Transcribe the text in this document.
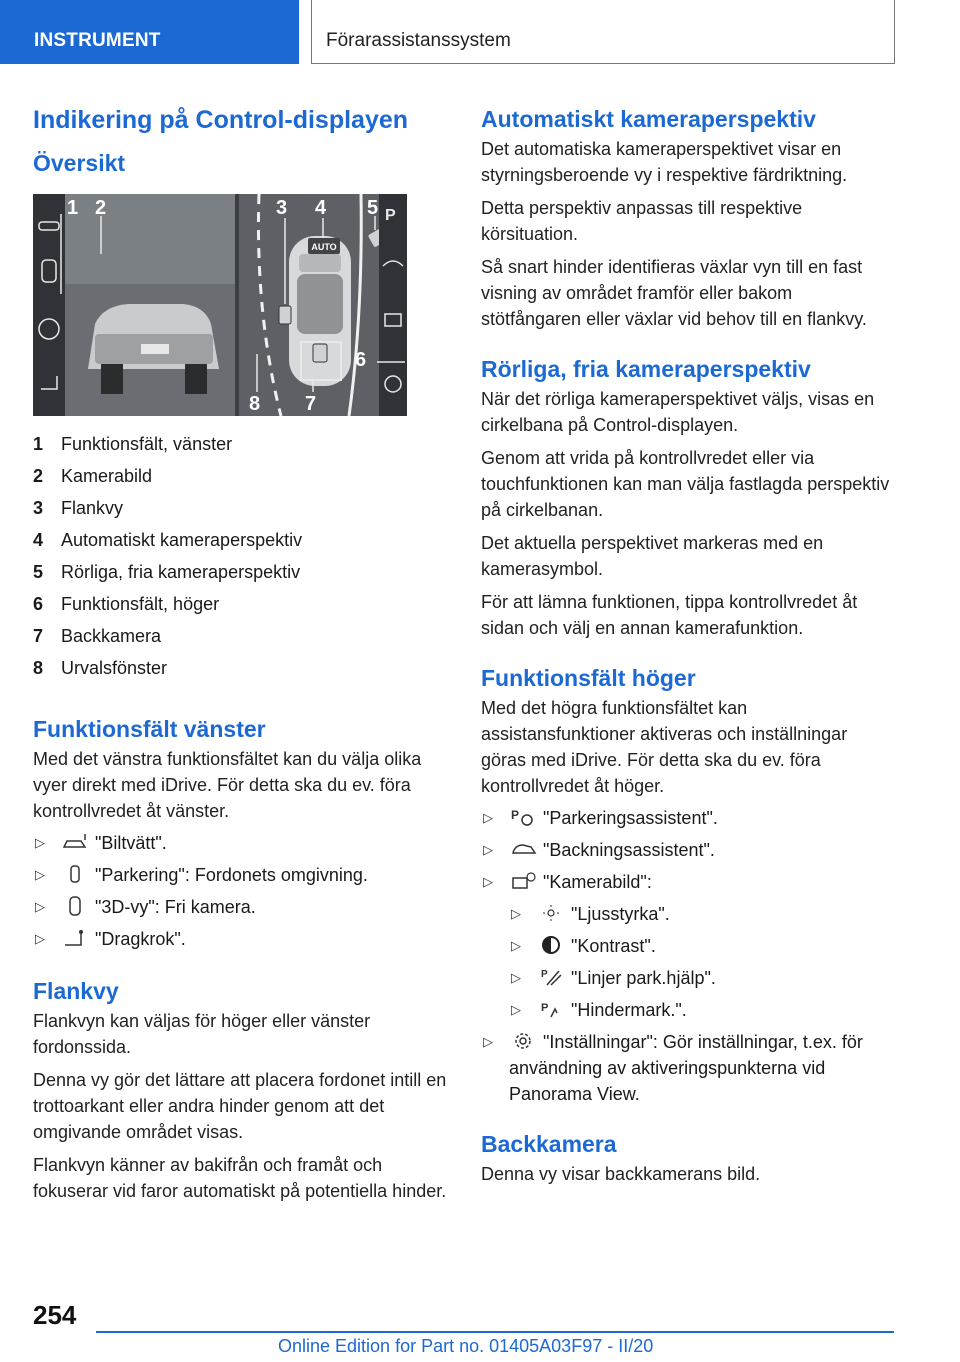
INSTRUMENT	Förarassistanssystem
Indikering på Control-displayen
Översikt
AUTO
P
1 2	3 4 5
6
7
8
1 Funktionsfält, vänster
2 Kamerabild
3 Flankvy
4 Automatiskt kameraperspektiv
5 Rörliga, fria kameraperspektiv
6 Funktionsfält, höger
7 Backkamera
8 Urvalsfönster
Funktionsfält vänster

Med det vänstra funktionsfältet kan du välja olika vyer direkt med iDrive. För detta ska du ev. föra kontrollvredet åt vänster.

▷	"Biltvätt".
▷	"Parkering": Fordonets omgivning.
▷	"3D-vy": Fri kamera.
▷	"Dragkrok".
Flankvy

Flankvyn kan väljas för höger eller vänster fordonssida.

Denna vy gör det lättare att placera fordonet intill en trottoarkant eller andra hinder genom att det omgivande området visas.

Flankvyn känner av bakifrån och framåt och fokuserar vid faror automatiskt på potentiella hinder.

Automatiskt kameraperspektiv

Det automatiska kameraperspektivet visar en styrningsberoende vy i respektive färdriktning.

Detta perspektiv anpassas till respektive körsituation.

Så snart hinder identifieras växlar vyn till en fast visning av området framför eller bakom stötfångaren eller växlar vid behov till en flankvy.

Rörliga, fria kameraperspektiv

När det rörliga kameraperspektivet väljs, visas en cirkelbana på Control-displayen.

Genom att vrida på kontrollvredet eller via touchfunktionen kan man välja fastlagda perspektiv på cirkelbanan.

Det aktuella perspektivet markeras med en kamerasymbol.

För att lämna funktionen, tippa kontrollvredet åt sidan och välj en annan kamerafunktion.

Funktionsfält höger

Med det högra funktionsfältet kan assistansfunktioner aktiveras och inställningar göras med iDrive. För detta ska du ev. föra kontrollvredet åt höger.

▷ P "Parkeringsassistent".
▷	"Backningsassistent".
▷	"Kamerabild":
▷	"Ljusstyrka".
▷	"Kontrast".
▷ P "Linjer park.hjälp".
▷ P "Hindermark.".
▷	"Inställningar": Gör inställningar, t.ex. för användning av aktiveringspunkterna vid Panorama View.
Backkamera

Denna vy visar backkamerans bild.

254
Online Edition for Part no. 01405A03F97 - II/20
